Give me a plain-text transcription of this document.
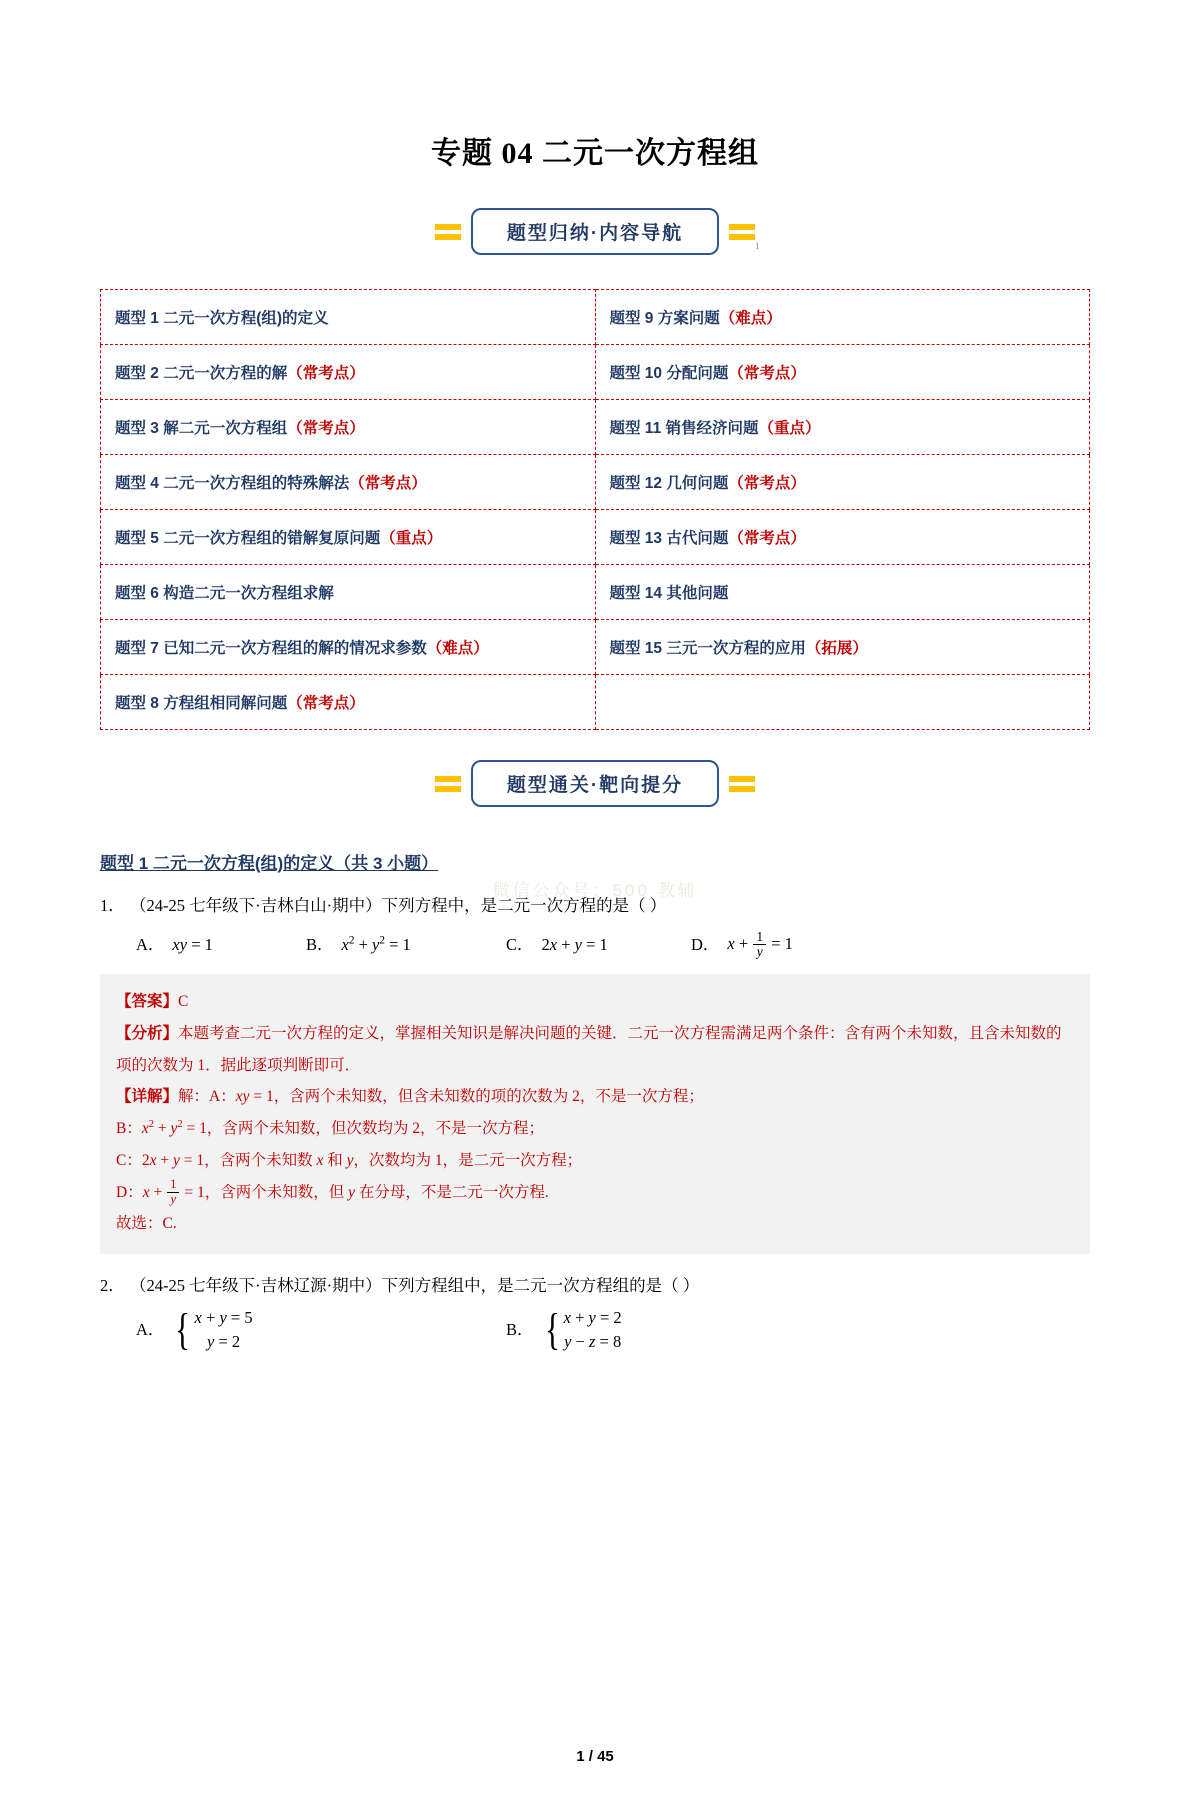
1
专题 04 二元一次方程组
题型归纳·内容导航
题型 1 二元一次方程(组)的定义	题型 9 方案问题（难点）
题型 2 二元一次方程的解（常考点）	题型 10 分配问题（常考点）
题型 3 解二元一次方程组（常考点）	题型 11 销售经济问题（重点）
题型 4 二元一次方程组的特殊解法（常考点）	题型 12 几何问题（常考点）
题型 5 二元一次方程组的错解复原问题（重点）	题型 13 古代问题（常考点）
题型 6 构造二元一次方程组求解	题型 14 其他问题
题型 7 已知二元一次方程组的解的情况求参数（难点）	题型 15 三元一次方程的应用（拓展）
题型 8 方程组相同解问题（常考点）	
题型通关·靶向提分
微信公众号：500 教辅
题型 1 二元一次方程(组)的定义（共 3 小题）
1． （24-25 七年级下·吉林白山·期中）下列方程中，是二元一次方程的是（ ）
A． xy = 1	B． $x^2 + y^2 = 1$	C． 2x + y = 1	D． $x + \frac{1}{y} = 1$

【答案】C

【分析】本题考查二元一次方程的定义，掌握相关知识是解决问题的关键．二元一次方程需满足两个条件：含有两个未知数，且含未知数的项的次数为 1．据此逐项判断即可．

【详解】解：A：xy = 1，含两个未知数，但含未知数的项的次数为 2，不是一次方程；

B：$x^2 + y^2 = 1$，含两个未知数，但次数均为 2，不是一次方程；

C：2x + y = 1，含两个未知数 x 和 y，次数均为 1，是二元一次方程；

D：$x + \frac{1}{y} = 1$，含两个未知数，但 y 在分母，不是二元一次方程.

故选：C.

2． （24-25 七年级下·吉林辽源·期中）下列方程组中，是二元一次方程组的是（ ）
A． { x + y = 5
y = 2
B． { x + y = 2
y − z = 8
1 / 45
